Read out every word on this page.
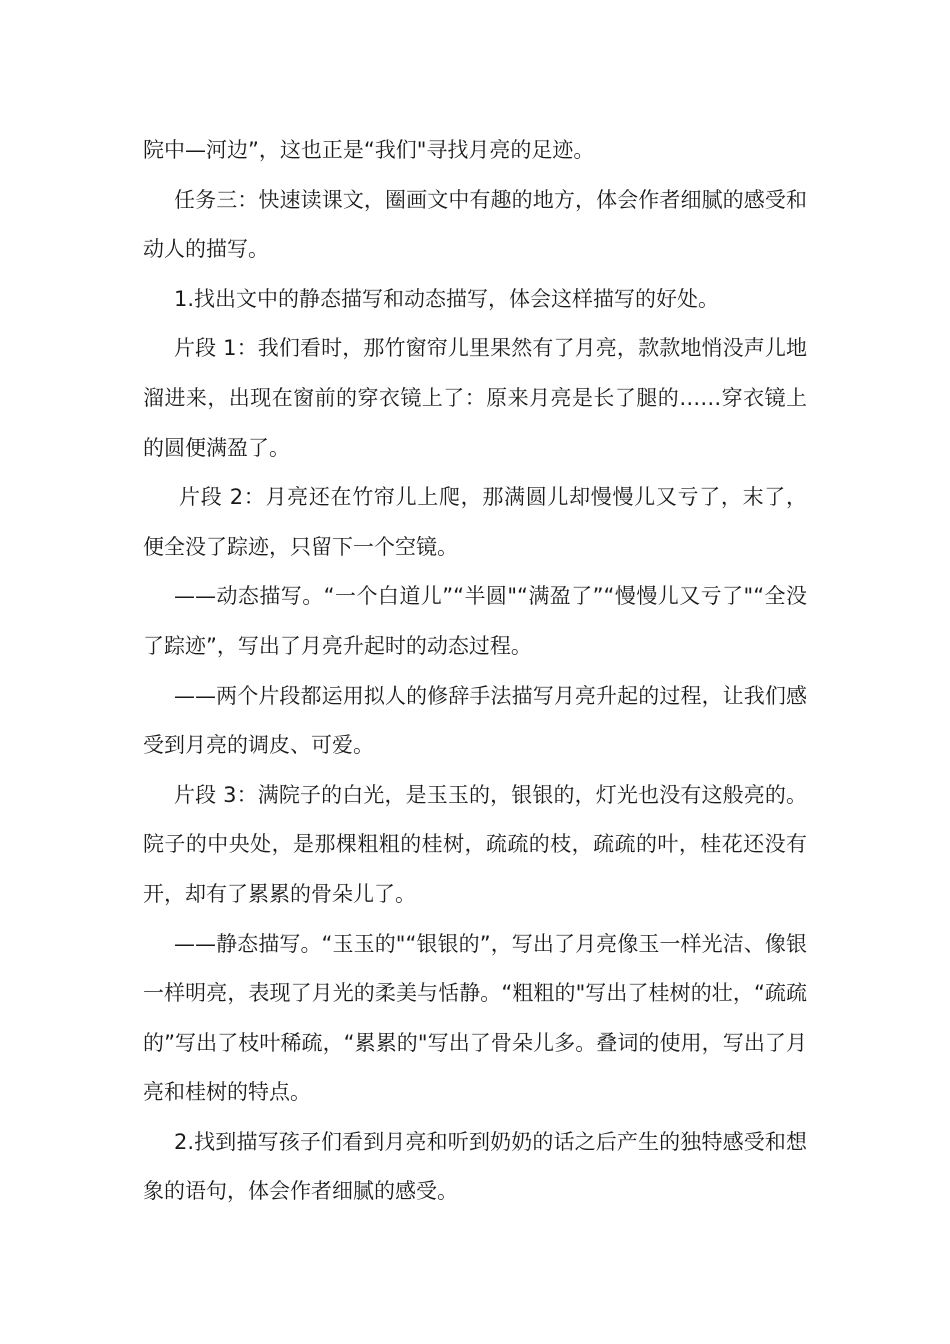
院中—河边”，这也正是“我们"寻找月亮的足迹。

任务三：快速读课文，圈画文中有趣的地方，体会作者细腻的感受和动人的描写。

1.找出文中的静态描写和动态描写，体会这样描写的好处。

片段 1：我们看时，那竹窗帘儿里果然有了月亮，款款地悄没声儿地溜进来，出现在窗前的穿衣镜上了：原来月亮是长了腿的……穿衣镜上的圆便满盈了。

片段 2：月亮还在竹帘儿上爬，那满圆儿却慢慢儿又亏了，末了，便全没了踪迹，只留下一个空镜。

——动态描写。“一个白道儿”“半圆"“满盈了”“慢慢儿又亏了"“全没了踪迹”，写出了月亮升起时的动态过程。

——两个片段都运用拟人的修辞手法描写月亮升起的过程，让我们感受到月亮的调皮、可爱。

片段 3：满院子的白光，是玉玉的，银银的，灯光也没有这般亮的。院子的中央处，是那棵粗粗的桂树，疏疏的枝，疏疏的叶，桂花还没有开，却有了累累的骨朵儿了。

——静态描写。“玉玉的"“银银的”，写出了月亮像玉一样光洁、像银一样明亮，表现了月光的柔美与恬静。“粗粗的"写出了桂树的壮，“疏疏的”写出了枝叶稀疏，“累累的"写出了骨朵儿多。叠词的使用，写出了月亮和桂树的特点。

2.找到描写孩子们看到月亮和听到奶奶的话之后产生的独特感受和想象的语句，体会作者细腻的感受。
